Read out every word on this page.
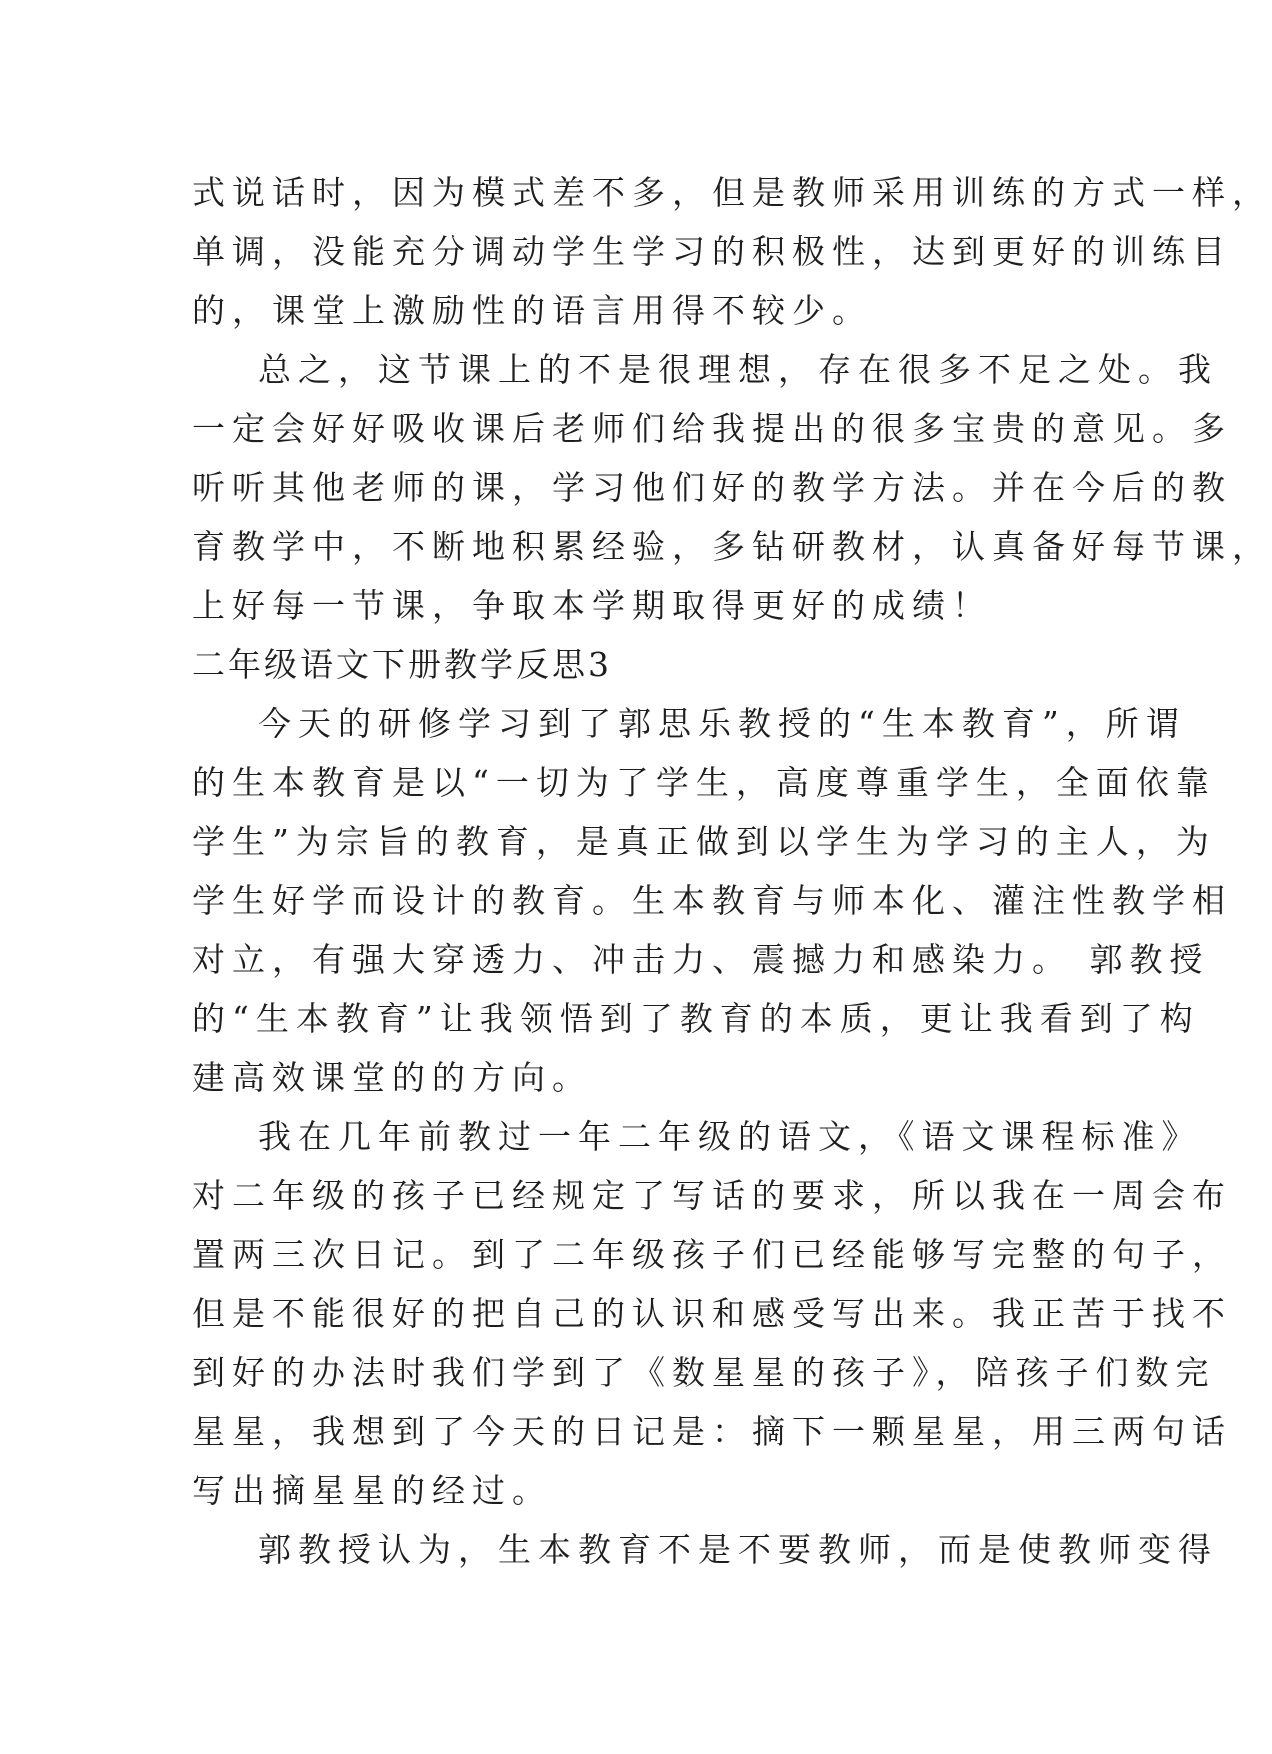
式说话时，因为模式差不多，但是教师采用训练的方式一样，
单调，没能充分调动学生学习的积极性，达到更好的训练目
的，课堂上激励性的语言用得不较少。
总之，这节课上的不是很理想，存在很多不足之处。我
一定会好好吸收课后老师们给我提出的很多宝贵的意见。多
听听其他老师的课，学习他们好的教学方法。并在今后的教
育教学中，不断地积累经验，多钻研教材，认真备好每节课，
上好每一节课，争取本学期取得更好的成绩！
二年级语文下册教学反思3
今天的研修学习到了郭思乐教授的“生本教育”，所谓
的生本教育是以“一切为了学生，高度尊重学生，全面依靠
学生”为宗旨的教育，是真正做到以学生为学习的主人，为
学生好学而设计的教育。生本教育与师本化、灌注性教学相
对立，有强大穿透力、冲击力、震撼力和感染力。 郭教授
的“生本教育”让我领悟到了教育的本质，更让我看到了构
建高效课堂的的方向。
我在几年前教过一年二年级的语文，《语文课程标准》
对二年级的孩子已经规定了写话的要求，所以我在一周会布
置两三次日记。到了二年级孩子们已经能够写完整的句子，
但是不能很好的把自己的认识和感受写出来。我正苦于找不
到好的办法时我们学到了《数星星的孩子》，陪孩子们数完
星星，我想到了今天的日记是：摘下一颗星星，用三两句话
写出摘星星的经过。
郭教授认为，生本教育不是不要教师，而是使教师变得
